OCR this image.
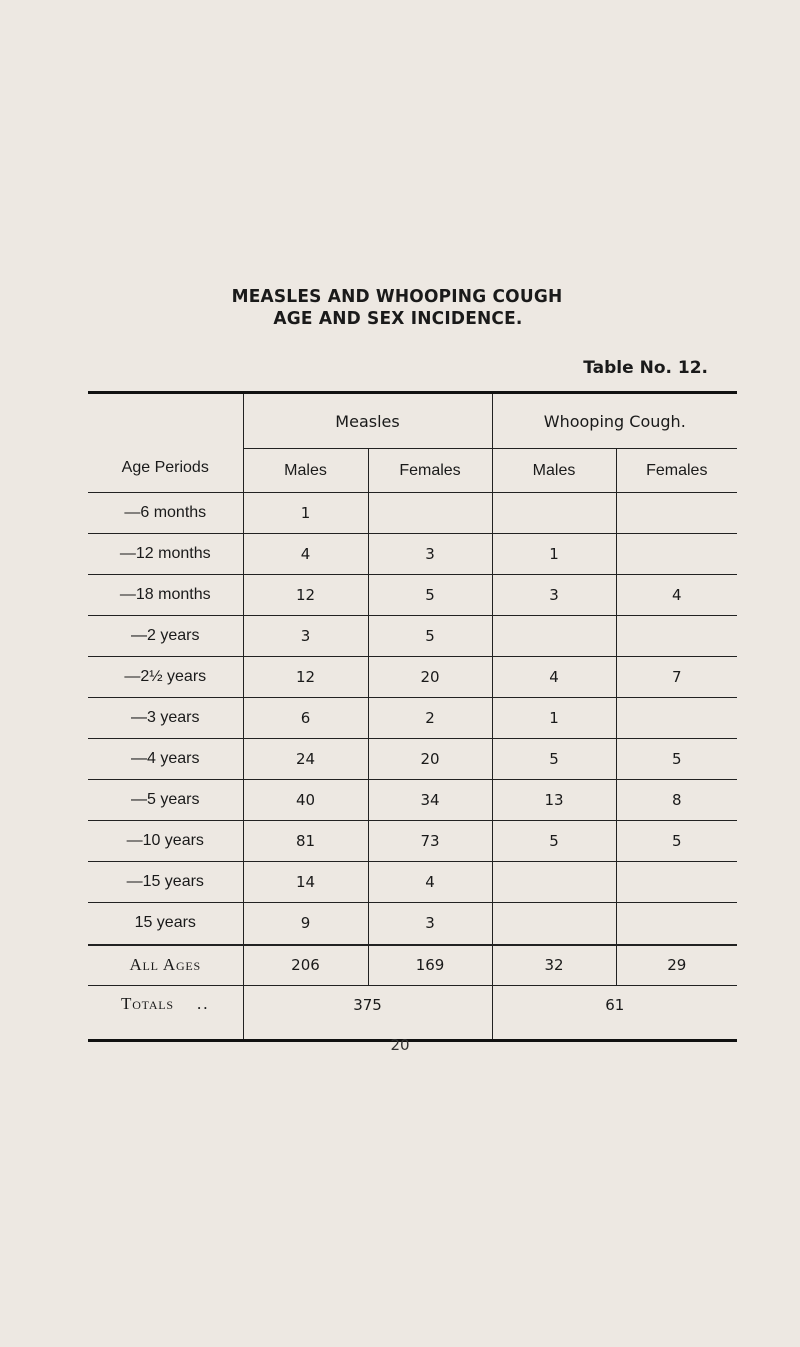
MEASLES AND WHOOPING COUGH
AGE AND SEX INCIDENCE.
Table No. 12.
Age Periods	Measles		Whooping Cough.	
	Males	Females	Males	Females
—6 months	1			
—12 months	4	3	1	
—18 months	12	5	3	4
—2 years	3	5		
—2½ years	12	20	4	7
—3 years	6	2	1	
—4 years	24	20	5	5
—5 years	40	34	13	8
—10 years	81	73	5	5
—15 years	14	4		
15 years	9	3		
All Ages	206	169	32	29
Totals ..	375		61	
20
